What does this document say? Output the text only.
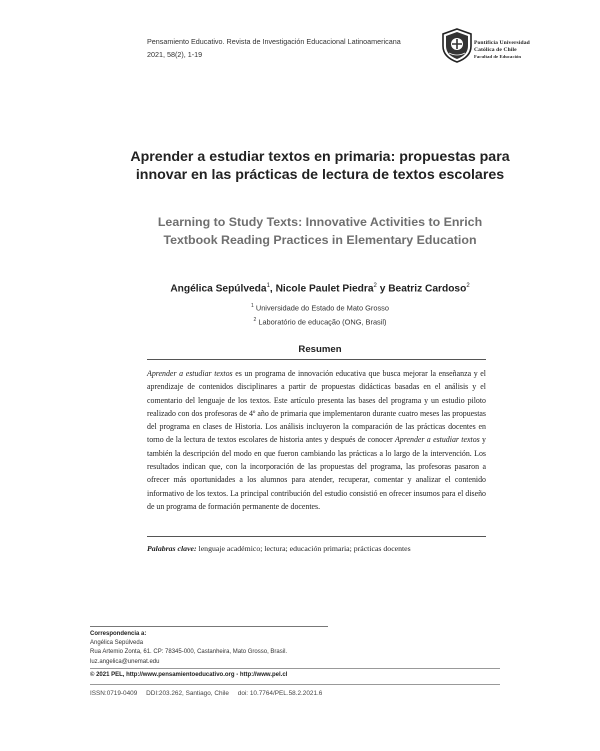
Pensamiento Educativo. Revista de Investigación Educacional Latinoamericana
2021, 58(2), 1-19
Pontificia Universidad
Católica de Chile
Facultad de Educación
Aprender a estudiar textos en primaria: propuestas para innovar en las prácticas de lectura de textos escolares
Learning to Study Texts: Innovative Activities to Enrich Textbook Reading Practices in Elementary Education
Angélica Sepúlveda$^1$, Nicole Paulet Piedra$^2$ y Beatriz Cardoso$^2$
$^1$ Universidade do Estado de Mato Grosso
$^2$ Laboratório de educação (ONG, Brasil)
Resumen

Aprender a estudiar textos es un programa de innovación educativa que busca mejorar la enseñanza y el aprendizaje de contenidos disciplinares a partir de propuestas didácticas basadas en el análisis y el comentario del lenguaje de los textos. Este artículo presenta las bases del programa y un estudio piloto realizado con dos profesoras de 4º año de primaria que implementaron durante cuatro meses las propuestas del programa en clases de Historia. Los análisis incluyeron la comparación de las prácticas docentes en torno de la lectura de textos escolares de historia antes y después de conocer Aprender a estudiar textos y también la descripción del modo en que fueron cambiando las prácticas a lo largo de la intervención. Los resultados indican que, con la incorporación de las propuestas del programa, las profesoras pasaron a ofrecer más oportunidades a los alumnos para atender, recuperar, comentar y analizar el contenido informativo de los textos. La principal contribución del estudio consistió en ofrecer insumos para el diseño de un programa de formación permanente de docentes.

Palabras clave: lenguaje académico; lectura; educación primaria; prácticas docentes

Correspondencia a:
Angélica Sepúlveda
Rua Artemio Zonta, 61. CP: 78345-000, Castanheira, Mato Grosso, Brasil.
luz.angelica@unemat.edu
© 2021 PEL, http://www.pensamientoeducativo.org - http://www.pel.cl
ISSN:0719-0409     DDI:203.262, Santiago, Chile     doi: 10.7764/PEL.58.2.2021.6
